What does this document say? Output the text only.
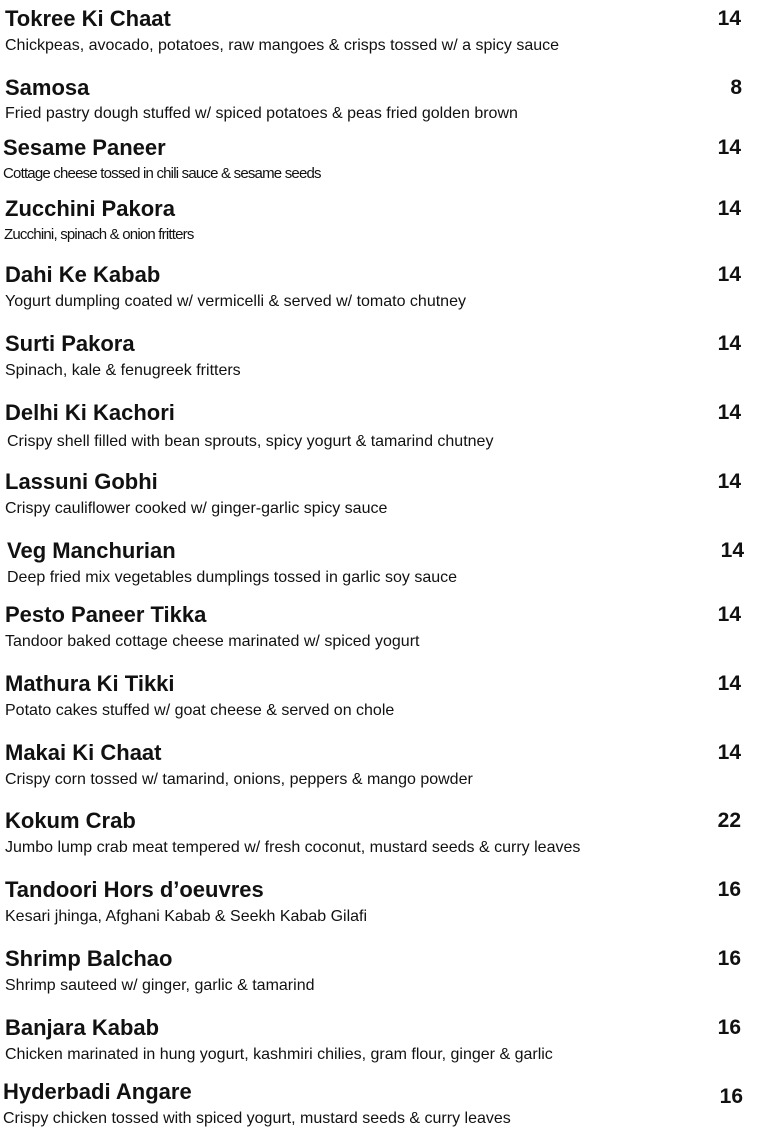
Tokree Ki Chaat	14
Chickpeas, avocado, potatoes, raw mangoes & crisps tossed w/ a spicy sauce
Samosa	8
Fried pastry dough stuffed w/ spiced potatoes & peas fried golden brown
Sesame Paneer	14
Cottage cheese tossed in chili sauce & sesame seeds
Zucchini Pakora	14
Zucchini, spinach & onion fritters
Dahi Ke Kabab	14
Yogurt dumpling coated w/ vermicelli & served w/ tomato chutney
Surti Pakora	14
Spinach, kale & fenugreek fritters
Delhi Ki Kachori	14
Crispy shell filled with bean sprouts, spicy yogurt & tamarind chutney
Lassuni Gobhi	14
Crispy cauliflower cooked w/ ginger-garlic spicy sauce
Veg Manchurian	14
Deep fried mix vegetables dumplings tossed in garlic soy sauce
Pesto Paneer Tikka	14
Tandoor baked cottage cheese marinated w/ spiced yogurt
Mathura Ki Tikki	14
Potato cakes stuffed w/ goat cheese & served on chole
Makai Ki Chaat	14
Crispy corn tossed w/ tamarind, onions, peppers & mango powder
Kokum Crab	22
Jumbo lump crab meat tempered w/ fresh coconut, mustard seeds & curry leaves
Tandoori Hors d’oeuvres	16
Kesari jhinga, Afghani Kabab & Seekh Kabab Gilafi
Shrimp Balchao	16
Shrimp sauteed w/ ginger, garlic & tamarind
Banjara Kabab	16
Chicken marinated in hung yogurt, kashmiri chilies, gram flour, ginger & garlic
Hyderbadi Angare	16
Crispy chicken tossed with spiced yogurt, mustard seeds & curry leaves
